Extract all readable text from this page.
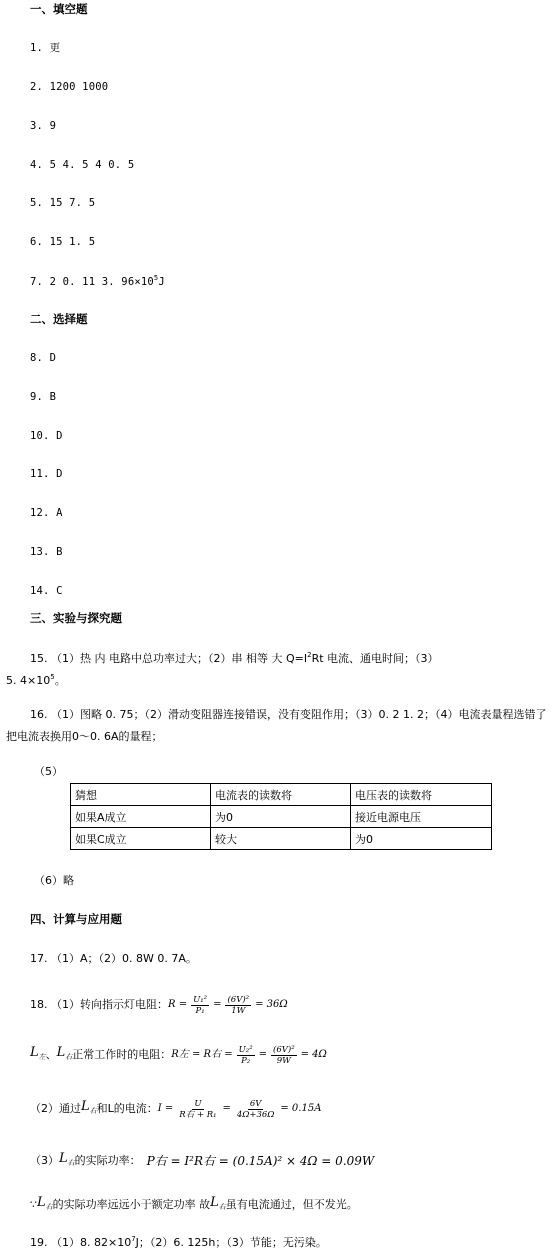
一、填空题
1. 更
2. 1200 1000
3. 9
4. 5 4. 5 4 0. 5
5. 15 7. 5
6. 15 1. 5
7. 2 0. 11 3. $96\times 10^5J$
二、选择题
8. D
9. B
10. D
11. D
12. A
13. B
14. C
三、实验与探究题
15. （1）热 内 电路中总功率过大；（2）串 相等 大 $Q=I^2Rt$ 电流、通电时间；（3）
5. $4\times 10^5$。
16. （1）图略 0. 75；（2）滑动变阻器连接错误，没有变阻作用；（3）0. 2 1. 2；（4）电流表量程选错了 把电流表换用0～0. 6A的量程；
（5）
猜想	电流表的读数将	电压表的读数将
如果A成立	为0	接近电源电压
如果C成立	较大	为0
（6）略
四、计算与应用题
17. （1）A；（2）0. 8W 0. 7A。
18. （1）转向指示灯电阻： $R = \frac{\text{U₁²}}{\text{P₁}} = \frac{\text{(6V)²}}{1W} = 36\Omega$
$L_左$ 、 $L_右$ 正常工作时的电阻： R左 = R右 = $\frac{\text{U₂²}}{\text{P₂}} = \frac{\text{(6V)²}}{9W} = 4\Omega$
（2）通过 $L_右$ 和L的电流： $I = \frac{U}{\text{R右 + R₁}} = \frac{6V}{4\Omega+36\Omega} = 0.15A$
（3） $L_右$ 的实际功率： P右 = I²R右 = (0.15A)² × 4Ω = 0.09W
∵ $L_右$ 的实际功率远远小于额定功率 故 $L_右$ 虽有电流通过，但不发光。
19. （1）8. $82\times 10^7J$；（2）6. 125h；（3）节能；无污染。
